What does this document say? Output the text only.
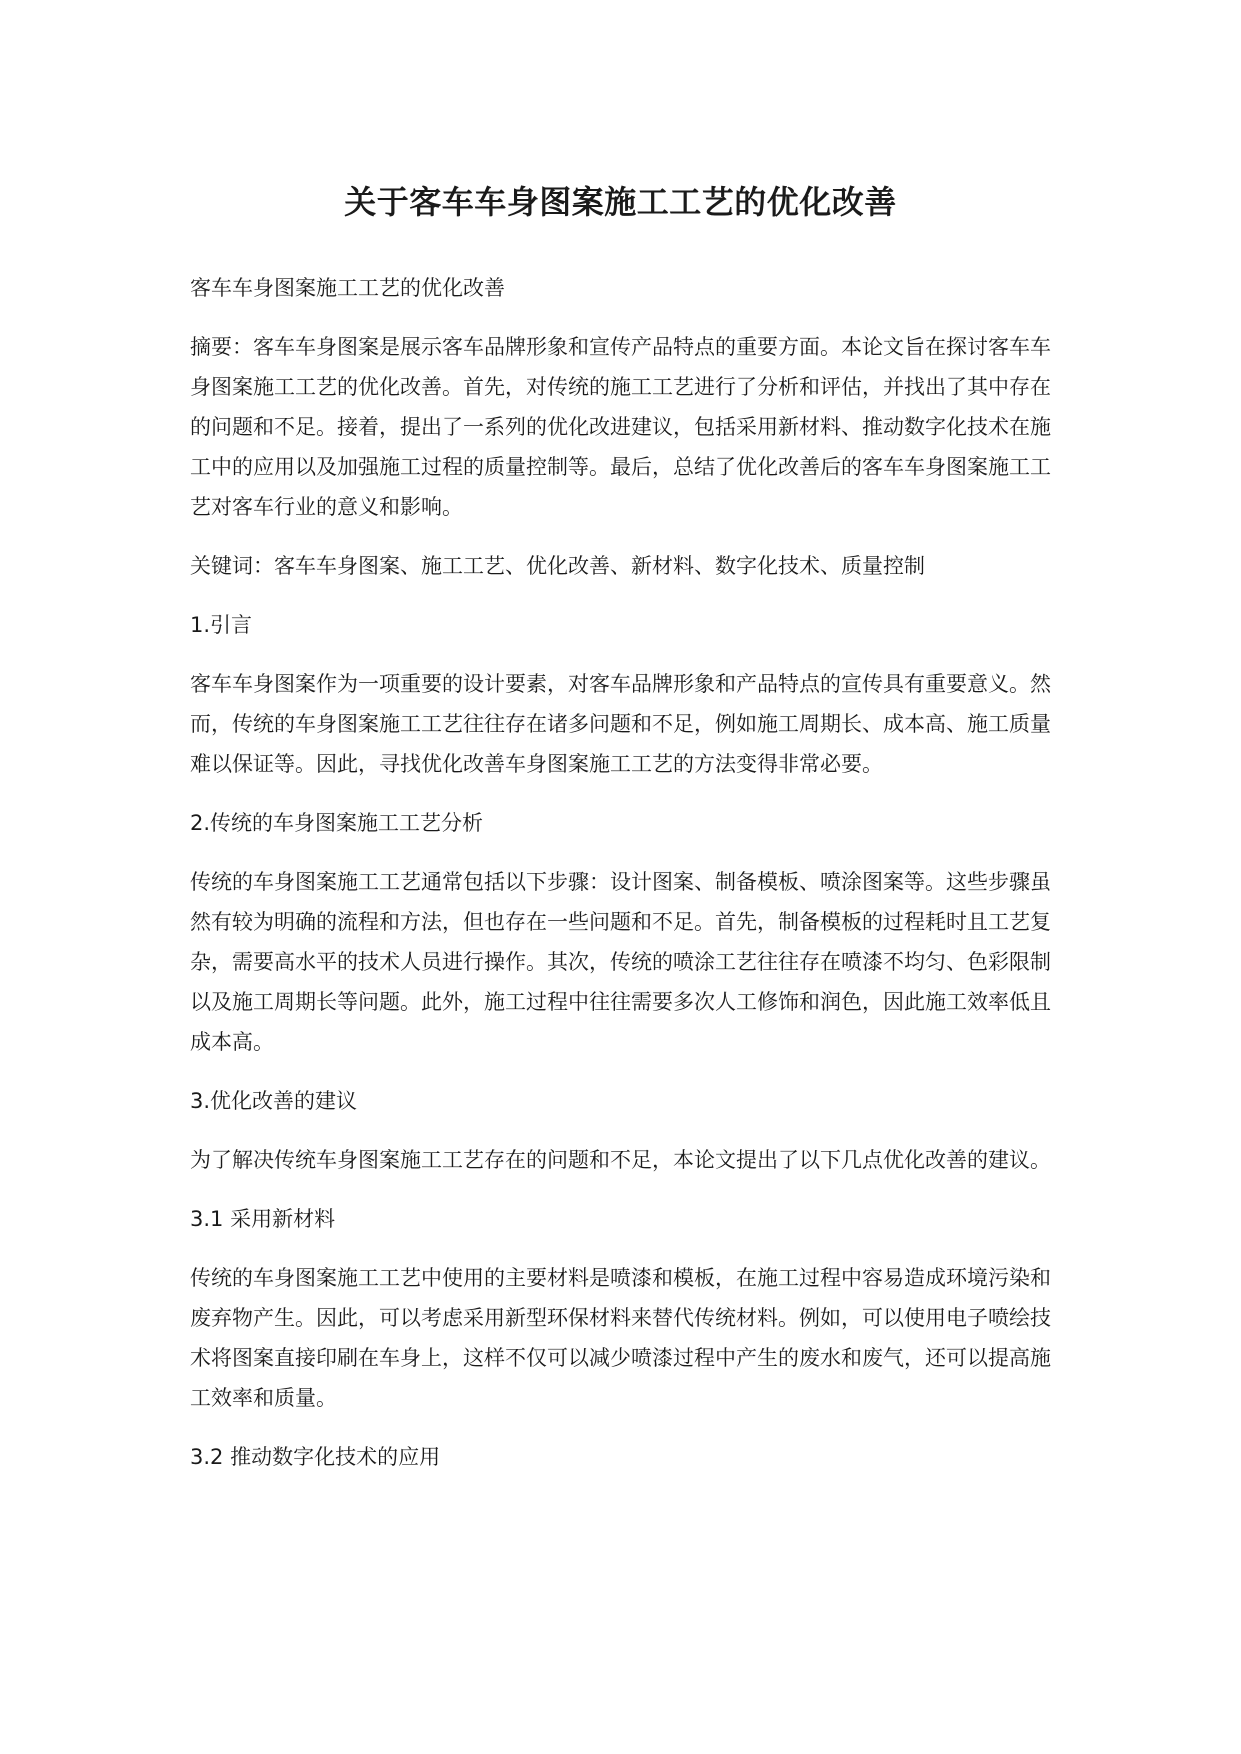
关于客车车身图案施工工艺的优化改善

客车车身图案施工工艺的优化改善

摘要：客车车身图案是展示客车品牌形象和宣传产品特点的重要方面。本论文旨在探讨客车车身图案施工工艺的优化改善。首先，对传统的施工工艺进行了分析和评估，并找出了其中存在的问题和不足。接着，提出了一系列的优化改进建议，包括采用新材料、推动数字化技术在施工中的应用以及加强施工过程的质量控制等。最后，总结了优化改善后的客车车身图案施工工艺对客车行业的意义和影响。

关键词：客车车身图案、施工工艺、优化改善、新材料、数字化技术、质量控制

1.引言

客车车身图案作为一项重要的设计要素，对客车品牌形象和产品特点的宣传具有重要意义。然而，传统的车身图案施工工艺往往存在诸多问题和不足，例如施工周期长、成本高、施工质量难以保证等。因此，寻找优化改善车身图案施工工艺的方法变得非常必要。

2.传统的车身图案施工工艺分析

传统的车身图案施工工艺通常包括以下步骤：设计图案、制备模板、喷涂图案等。这些步骤虽然有较为明确的流程和方法，但也存在一些问题和不足。首先，制备模板的过程耗时且工艺复杂，需要高水平的技术人员进行操作。其次，传统的喷涂工艺往往存在喷漆不均匀、色彩限制以及施工周期长等问题。此外，施工过程中往往需要多次人工修饰和润色，因此施工效率低且成本高。

3.优化改善的建议

为了解决传统车身图案施工工艺存在的问题和不足，本论文提出了以下几点优化改善的建议。

3.1 采用新材料

传统的车身图案施工工艺中使用的主要材料是喷漆和模板，在施工过程中容易造成环境污染和废弃物产生。因此，可以考虑采用新型环保材料来替代传统材料。例如，可以使用电子喷绘技术将图案直接印刷在车身上，这样不仅可以减少喷漆过程中产生的废水和废气，还可以提高施工效率和质量。

3.2 推动数字化技术的应用
